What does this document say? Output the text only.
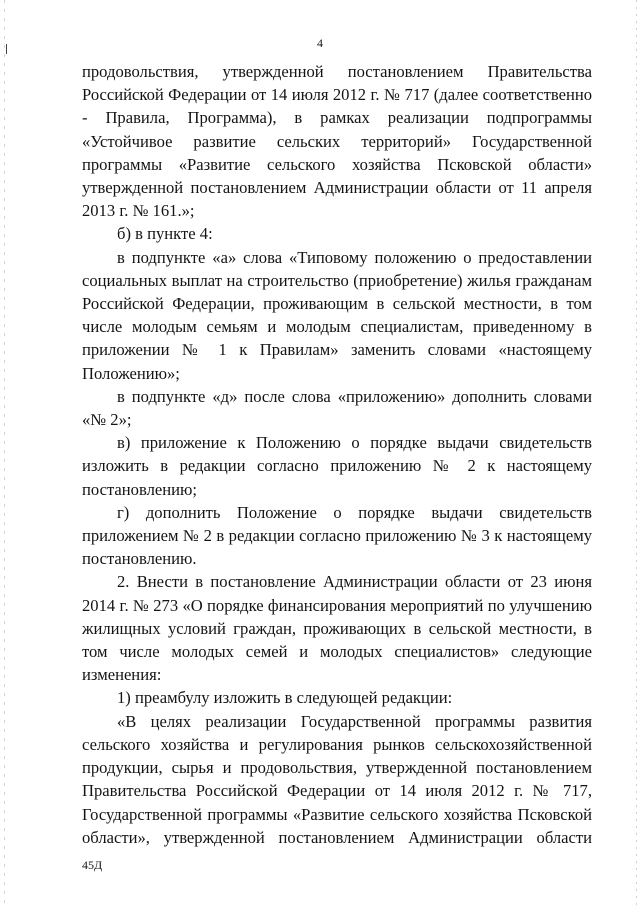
4

продовольствия, утвержденной постановлением Правительства Российской Федерации от 14 июля 2012 г. № 717 (далее соответственно - Правила, Программа), в рамках реализации подпрограммы «Устойчивое развитие сельских территорий» Государственной программы «Развитие сельского хозяйства Псковской области» утвержденной постановлением Администрации области от 11 апреля 2013 г. № 161.»;

б) в пункте 4:

в подпункте «а» слова «Типовому положению о предоставлении социальных выплат на строительство (приобретение) жилья гражданам Российской Федерации, проживающим в сельской местности, в том числе молодым семьям и молодым специалистам, приведенному в приложении № 1 к Правилам» заменить словами «настоящему Положению»;

в подпункте «д» после слова «приложению» дополнить словами «№ 2»;

в) приложение к Положению о порядке выдачи свидетельств изложить в редакции согласно приложению № 2 к настоящему постановлению;

г) дополнить Положение о порядке выдачи свидетельств приложением № 2 в редакции согласно приложению № 3 к настоящему постановлению.

2. Внести в постановление Администрации области от 23 июня 2014 г. № 273 «О порядке финансирования мероприятий по улучшению жилищных условий граждан, проживающих в сельской местности, в том числе молодых семей и молодых специалистов» следующие изменения:

1) преамбулу изложить в следующей редакции:

«В целях реализации Государственной программы развития сельского хозяйства и регулирования рынков сельскохозяйственной продукции, сырья и продовольствия, утвержденной постановлением Правительства Российской Федерации от 14 июля 2012 г. № 717, Государственной программы «Развитие сельского хозяйства Псковской области», утвержденной постановлением Администрации области

45Д
